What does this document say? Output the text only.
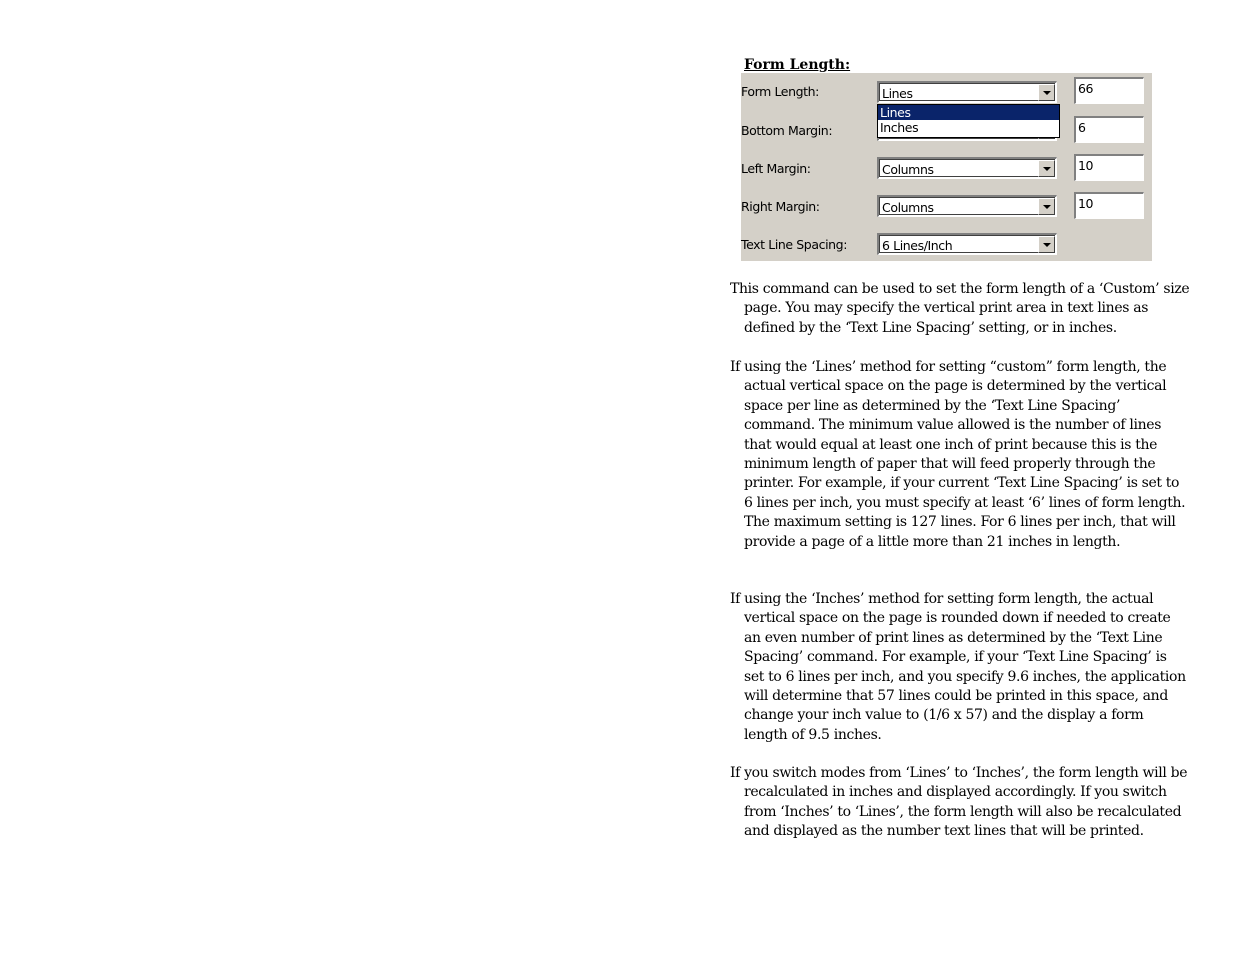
Form Length:
Form Length:	Lines	66
Bottom Margin:	6
Left Margin:	Columns	10
Right Margin:	Columns	10
Text Line Spacing:	6 Lines/Inch
Lines
Inches

This command can be used to set the form length of a ‘Custom’ size page. You may specify the vertical print area in text lines as defined by the ‘Text Line Spacing’ setting, or in inches.

If using the ‘Lines’ method for setting “custom” form length, the actual vertical space on the page is determined by the vertical space per line as determined by the ‘Text Line Spacing’ command. The minimum value allowed is the number of lines that would equal at least one inch of print because this is the minimum length of paper that will feed properly through the printer. For example, if your current ‘Text Line Spacing’ is set to 6 lines per inch, you must specify at least ‘6’ lines of form length. The maximum setting is 127 lines. For 6 lines per inch, that will provide a page of a little more than 21 inches in length.

If using the ‘Inches’ method for setting form length, the actual vertical space on the page is rounded down if needed to create an even number of print lines as determined by the ‘Text Line Spacing’ command. For example, if your ‘Text Line Spacing’ is set to 6 lines per inch, and you specify 9.6 inches, the application will determine that 57 lines could be printed in this space, and change your inch value to (1/6 x 57) and the display a form length of 9.5 inches.

If you switch modes from ‘Lines’ to ‘Inches’, the form length will be recalculated in inches and displayed accordingly. If you switch from ‘Inches’ to ‘Lines’, the form length will also be recalculated and displayed as the number text lines that will be printed.
